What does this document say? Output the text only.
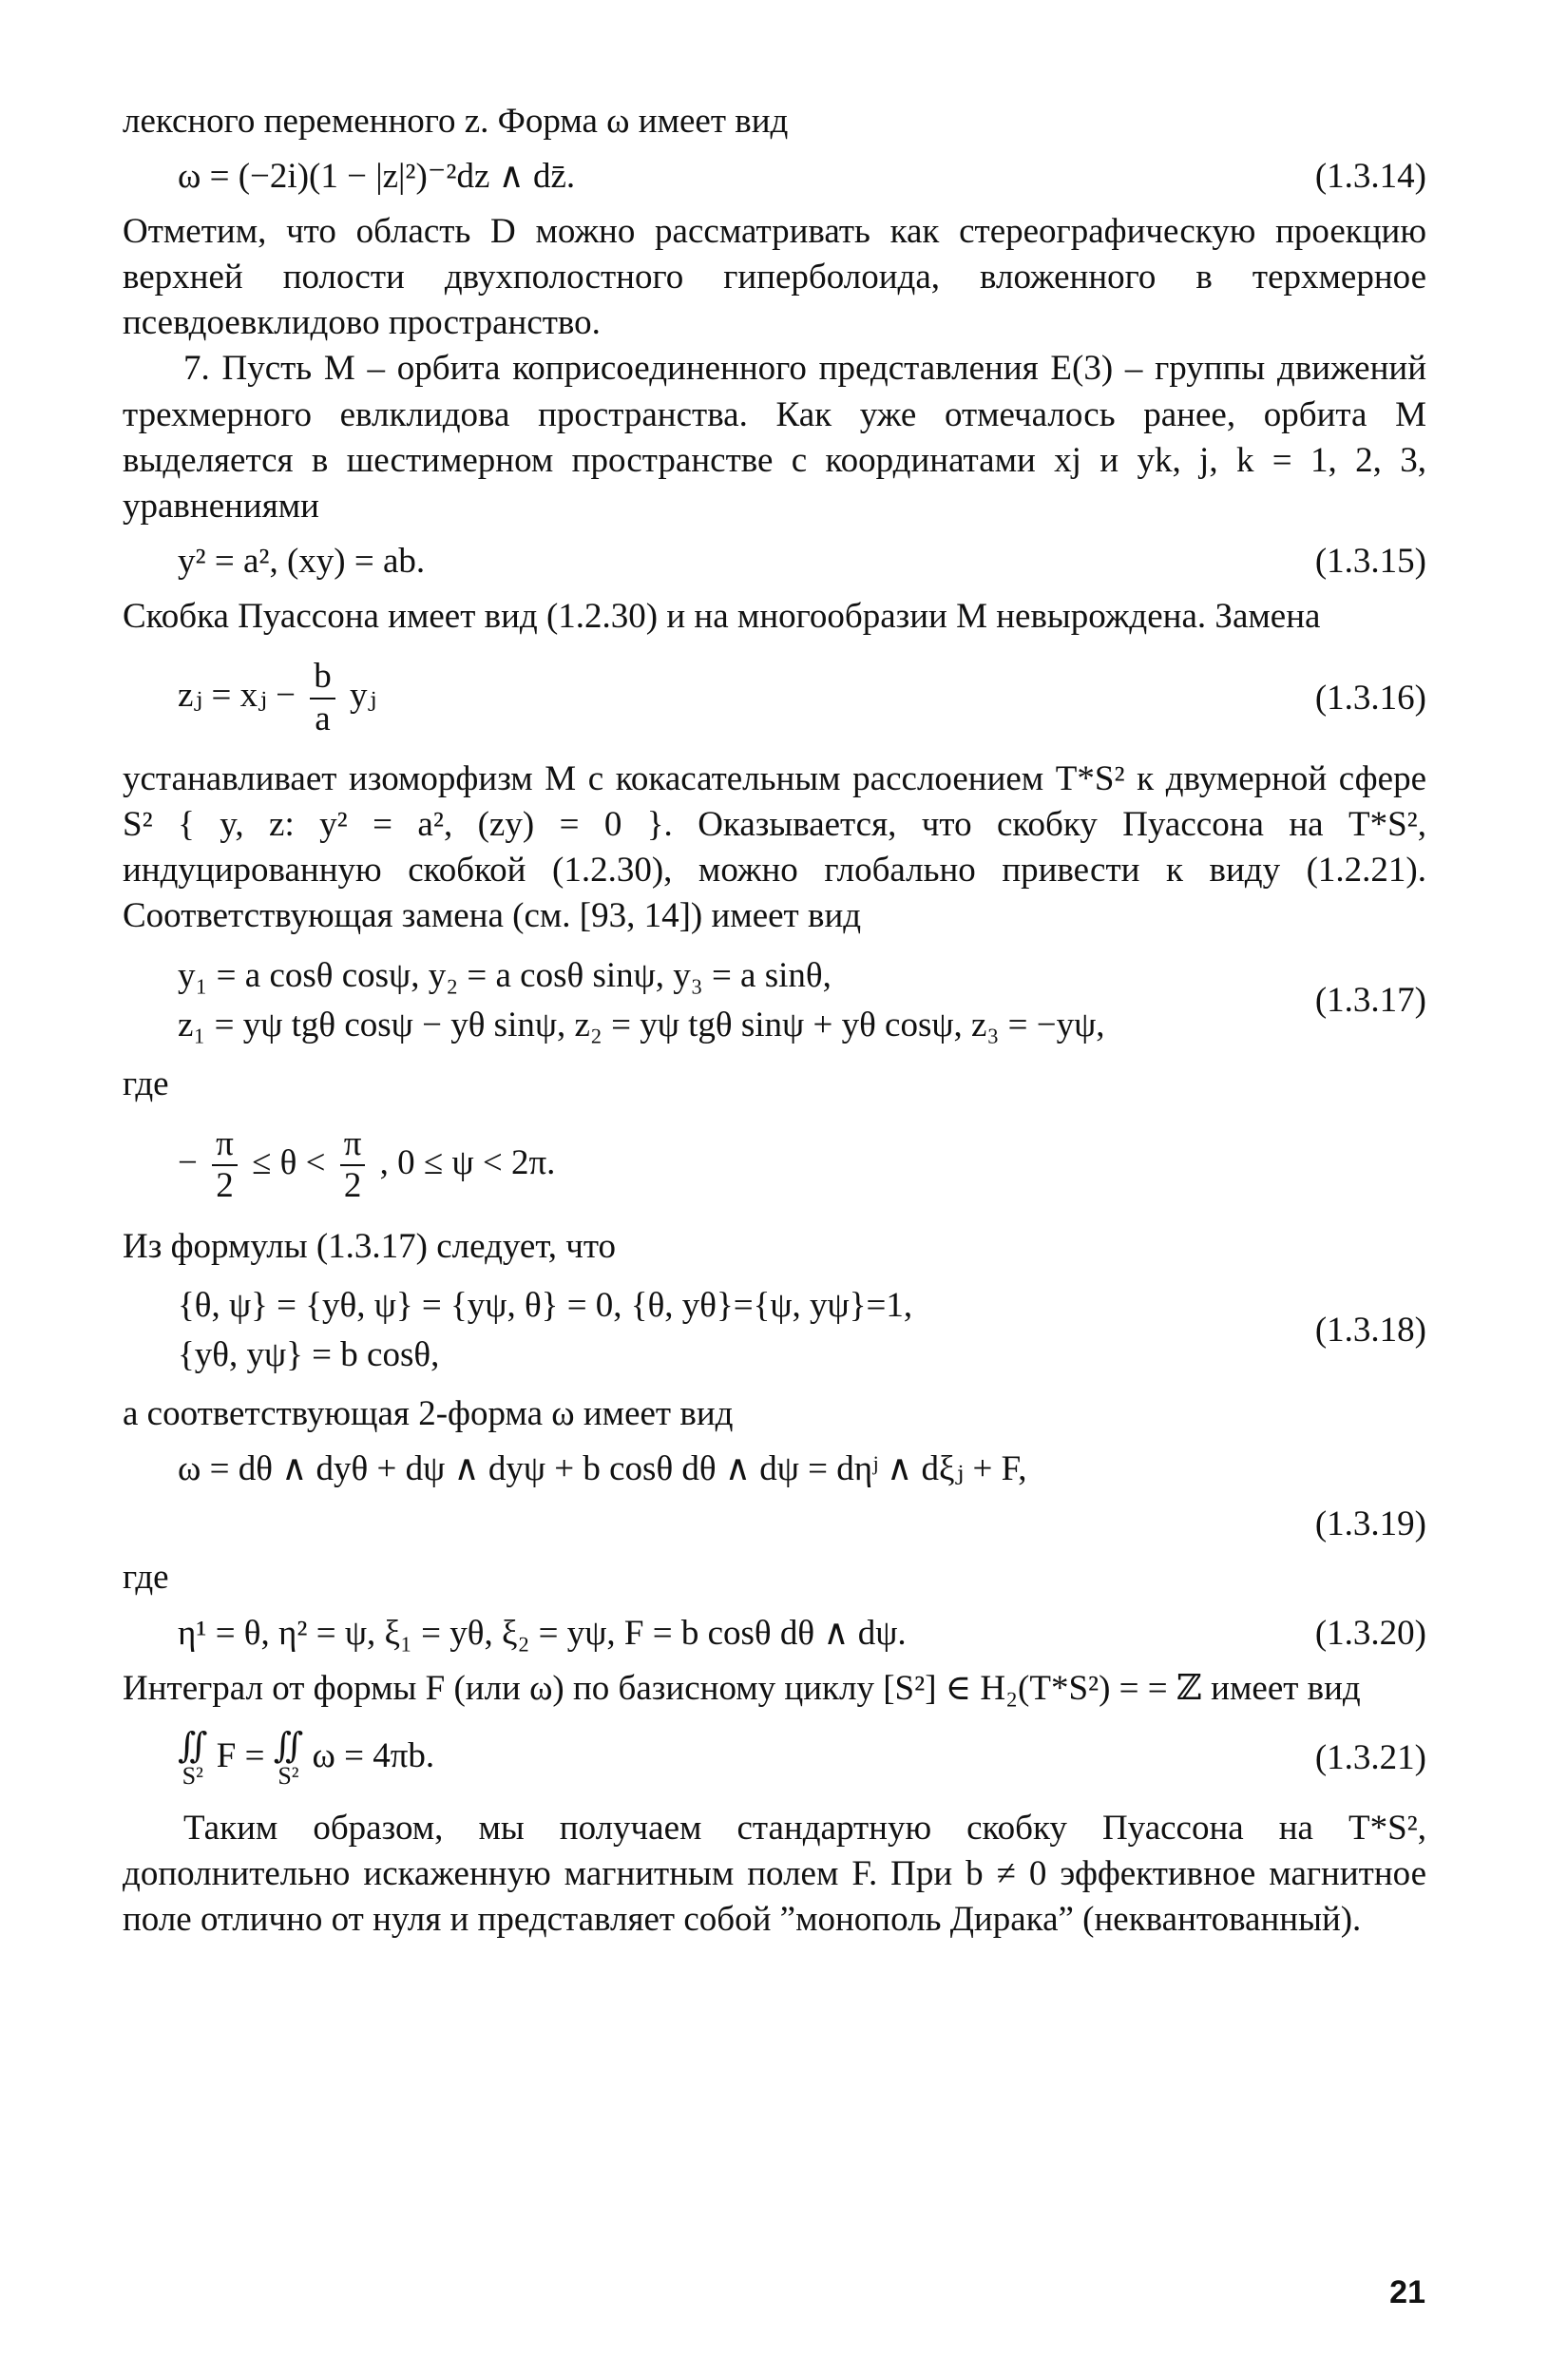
лексного переменного z. Форма ω имеет вид

ω = (−2i)(1 − |z|²)⁻²dz ∧ dz̄.	(1.3.14)

Отметим, что область D можно рассматривать как стереографическую проекцию верхней полости двухполостного гиперболоида, вложенного в терхмерное псевдоевклидово пространство.

7. Пусть M – орбита коприсоединенного представления E(3) – группы движений трехмерного евлклидова пространства. Как уже отмечалось ранее, орбита M выделяется в шестимерном пространстве с координатами xj и yk, j, k = 1, 2, 3, уравнениями

y² = a², (xy) = ab.	(1.3.15)

Скобка Пуассона имеет вид (1.2.30) и на многообразии M невырождена. Замена

zⱼ = xⱼ − $\frac{b}{a}$ yⱼ	(1.3.16)

устанавливает изоморфизм M с кокасательным расслоением T*S² к двумерной сфере S² { y, z: y² = a², (zy) = 0 }. Оказывается, что скобку Пуассона на T*S², индуцированную скобкой (1.2.30), можно глобально привести к виду (1.2.21). Соответствующая замена (см. [93, 14]) имеет вид

y₁ = a cosθ cosψ, y₂ = a cosθ sinψ, y₃ = a sinθ,
z₁ = yψ tgθ cosψ − yθ sinψ, z₂ = yψ tgθ sinψ + yθ cosψ, z₃ = −yψ,
(1.3.17)

где

− $\frac{\pi}{2} \le \theta < \frac{\pi}{2}$ , 0 ≤ ψ < 2π.

Из формулы (1.3.17) следует, что

{θ, ψ} = {yθ, ψ} = {yψ, θ} = 0, {θ, yθ}={ψ, yψ}=1,
{yθ, yψ} = b cosθ,
(1.3.18)

а соответствующая 2-форма ω имеет вид

ω = dθ ∧ dyθ + dψ ∧ dyψ + b cosθ dθ ∧ dψ = dηʲ ∧ dξⱼ + F,
(1.3.19)

где

η¹ = θ, η² = ψ, ξ₁ = yθ, ξ₂ = yψ, F = b cosθ dθ ∧ dψ.	(1.3.20)

Интеграл от формы F (или ω) по базисному циклу [S²] ∈ H₂(T*S²) = = ℤ имеет вид

∬
S²
F = ∬
S²
ω = 4πb.	(1.3.21)

Таким образом, мы получаем стандартную скобку Пуассона на T*S², дополнительно искаженную магнитным полем F. При b ≠ 0 эффективное магнитное поле отлично от нуля и представляет собой ”монополь Дирака” (неквантованный).

21
